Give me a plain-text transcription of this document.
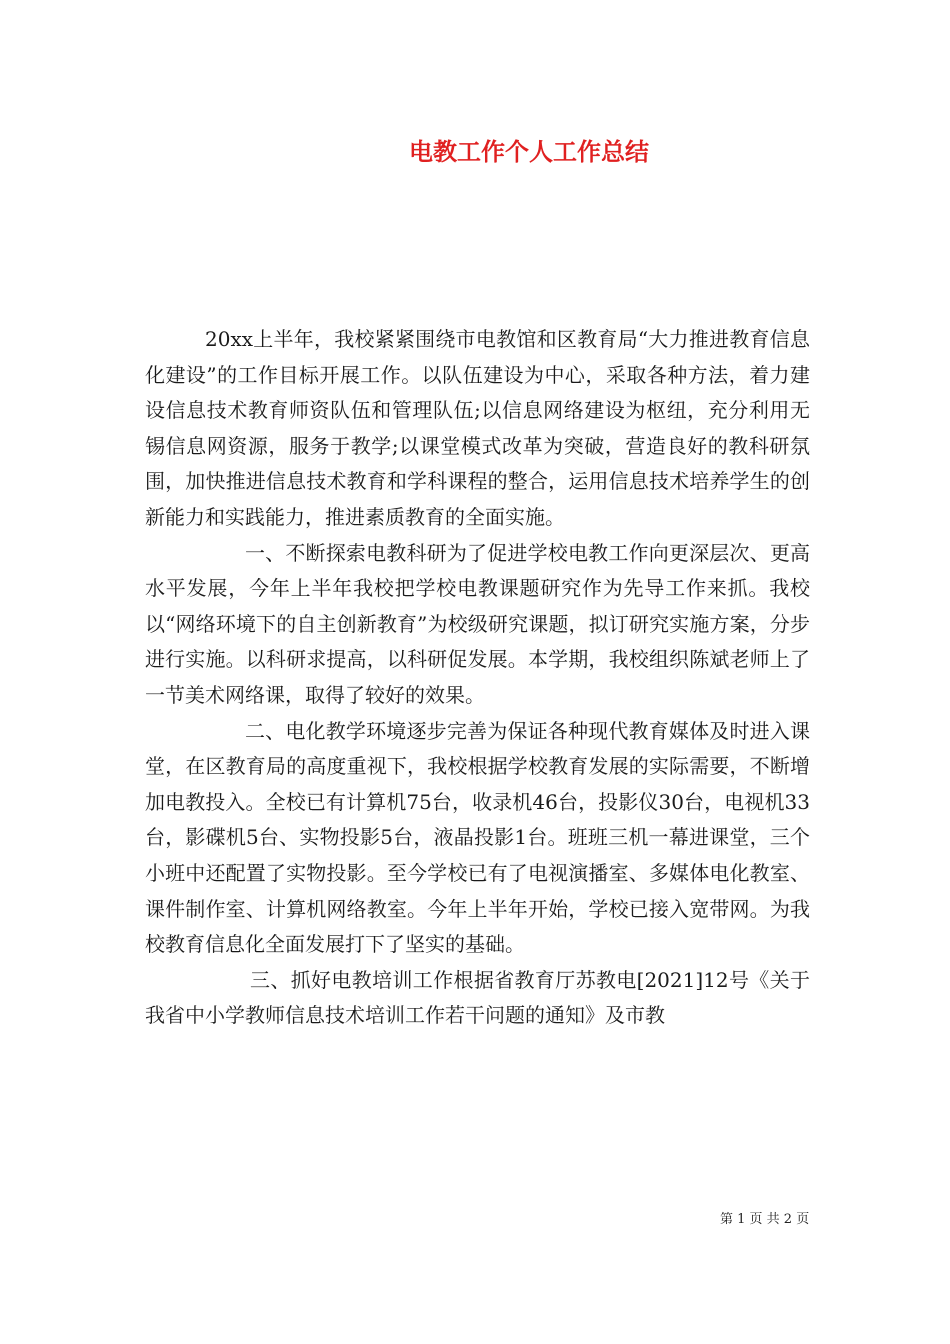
电教工作个人工作总结

20xx上半年，我校紧紧围绕市电教馆和区教育局“大力推进教育信息化建设”的工作目标开展工作。以队伍建设为中心，采取各种方法，着力建设信息技术教育师资队伍和管理队伍;以信息网络建设为枢纽，充分利用无锡信息网资源，服务于教学;以课堂模式改革为突破，营造良好的教科研氛围，加快推进信息技术教育和学科课程的整合，运用信息技术培养学生的创新能力和实践能力，推进素质教育的全面实施。

一、不断探索电教科研为了促进学校电教工作向更深层次、更高水平发展，今年上半年我校把学校电教课题研究作为先导工作来抓。我校以“网络环境下的自主创新教育”为校级研究课题，拟订研究实施方案，分步进行实施。以科研求提高，以科研促发展。本学期，我校组织陈斌老师上了一节美术网络课，取得了较好的效果。

二、电化教学环境逐步完善为保证各种现代教育媒体及时进入课堂，在区教育局的高度重视下，我校根据学校教育发展的实际需要，不断增加电教投入。全校已有计算机75台，收录机46台，投影仪30台，电视机33台，影碟机5台、实物投影5台，液晶投影1台。班班三机一幕进课堂，三个小班中还配置了实物投影。至今学校已有了电视演播室、多媒体电化教室、课件制作室、计算机网络教室。今年上半年开始，学校已接入宽带网。为我校教育信息化全面发展打下了坚实的基础。

三、抓好电教培训工作根据省教育厅苏教电[2021]12号《关于我省中小学教师信息技术培训工作若干问题的通知》及市教

第 1 页 共 2 页
